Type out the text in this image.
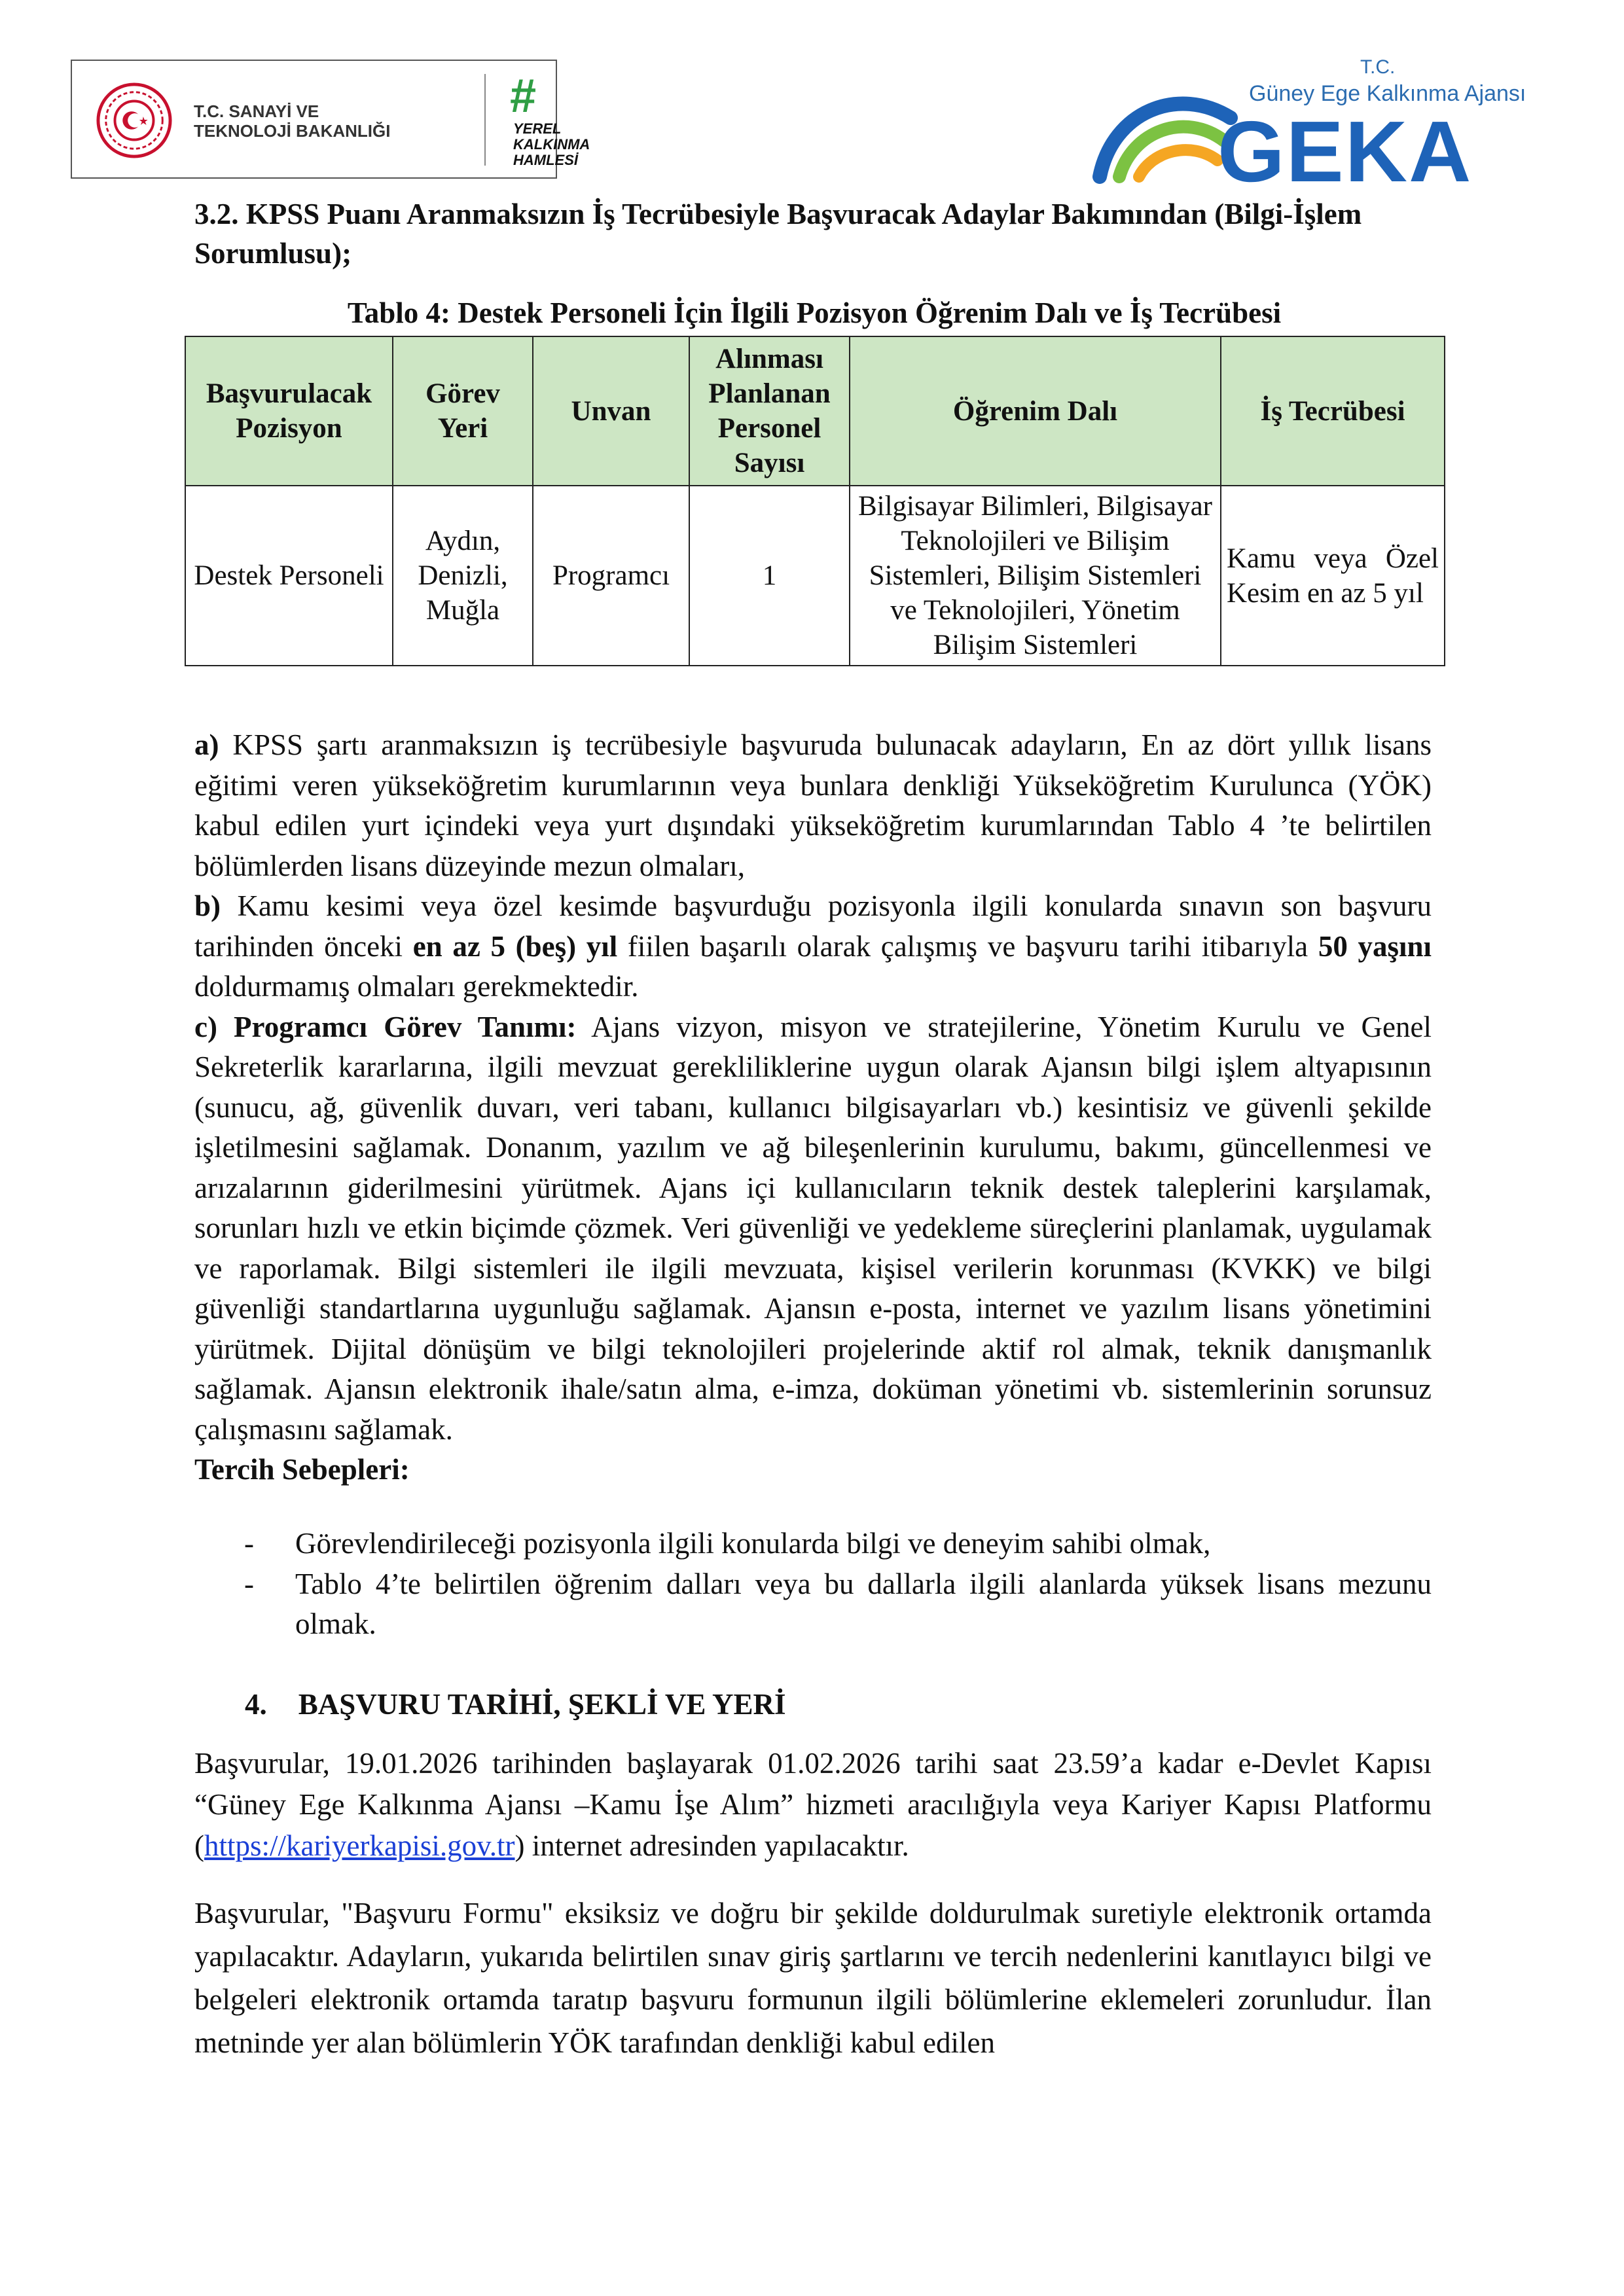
T.C. SANAYİ VE
TEKNOLOJİ BAKANLIĞI
#
YEREL
KALKINMA
HAMLESİ
T.C.
Güney Ege Kalkınma Ajansı
GEKA
3.2. KPSS Puanı Aranmaksızın İş Tecrübesiyle Başvuracak Adaylar Bakımından (Bilgi-İşlem Sorumlusu);
Tablo 4: Destek Personeli İçin İlgili Pozisyon Öğrenim Dalı ve İş Tecrübesi
Başvurulacak Pozisyon	Görev Yeri	Unvan	Alınması Planlanan Personel Sayısı	Öğrenim Dalı	İş Tecrübesi
Destek Personeli	Aydın, Denizli, Muğla	Programcı	1	Bilgisayar Bilimleri, Bilgisayar Teknolojileri ve Bilişim Sistemleri, Bilişim Sistemleri ve Teknolojileri, Yönetim Bilişim Sistemleri	Kamu veya Özel Kesim en az 5 yıl
a) KPSS şartı aranmaksızın iş tecrübesiyle başvuruda bulunacak adayların, En az dört yıllık lisans eğitimi veren yükseköğretim kurumlarının veya bunlara denkliği Yükseköğretim Kurulunca (YÖK) kabul edilen yurt içindeki veya yurt dışındaki yükseköğretim kurumlarından Tablo 4 ’te belirtilen bölümlerden lisans düzeyinde mezun olmaları,
b) Kamu kesimi veya özel kesimde başvurduğu pozisyonla ilgili konularda sınavın son başvuru tarihinden önceki en az 5 (beş) yıl fiilen başarılı olarak çalışmış ve başvuru tarihi itibarıyla 50 yaşını doldurmamış olmaları gerekmektedir.
c) Programcı Görev Tanımı: Ajans vizyon, misyon ve stratejilerine, Yönetim Kurulu ve Genel Sekreterlik kararlarına, ilgili mevzuat gerekliliklerine uygun olarak Ajansın bilgi işlem altyapısının (sunucu, ağ, güvenlik duvarı, veri tabanı, kullanıcı bilgisayarları vb.) kesintisiz ve güvenli şekilde işletilmesini sağlamak. Donanım, yazılım ve ağ bileşenlerinin kurulumu, bakımı, güncellenmesi ve arızalarının giderilmesini yürütmek. Ajans içi kullanıcıların teknik destek taleplerini karşılamak, sorunları hızlı ve etkin biçimde çözmek. Veri güvenliği ve yedekleme süreçlerini planlamak, uygulamak ve raporlamak. Bilgi sistemleri ile ilgili mevzuata, kişisel verilerin korunması (KVKK) ve bilgi güvenliği standartlarına uygunluğu sağlamak. Ajansın e-posta, internet ve yazılım lisans yönetimini yürütmek. Dijital dönüşüm ve bilgi teknolojileri projelerinde aktif rol almak, teknik danışmanlık sağlamak. Ajansın elektronik ihale/satın alma, e-imza, doküman yönetimi vb. sistemlerinin sorunsuz çalışmasını sağlamak.
Tercih Sebepleri:
- Görevlendirileceği pozisyonla ilgili konularda bilgi ve deneyim sahibi olmak,
- Tablo 4’te belirtilen öğrenim dalları veya bu dallarla ilgili alanlarda yüksek lisans mezunu olmak.
4. BAŞVURU TARİHİ, ŞEKLİ VE YERİ
Başvurular, 19.01.2026 tarihinden başlayarak 01.02.2026 tarihi saat 23.59’a kadar e-Devlet Kapısı “Güney Ege Kalkınma Ajansı –Kamu İşe Alım” hizmeti aracılığıyla veya Kariyer Kapısı Platformu (https://kariyerkapisi.gov.tr) internet adresinden yapılacaktır.
Başvurular, "Başvuru Formu" eksiksiz ve doğru bir şekilde doldurulmak suretiyle elektronik ortamda yapılacaktır. Adayların, yukarıda belirtilen sınav giriş şartlarını ve tercih nedenlerini kanıtlayıcı bilgi ve belgeleri elektronik ortamda taratıp başvuru formunun ilgili bölümlerine eklemeleri zorunludur. İlan metninde yer alan bölümlerin YÖK tarafından denkliği kabul edilen
